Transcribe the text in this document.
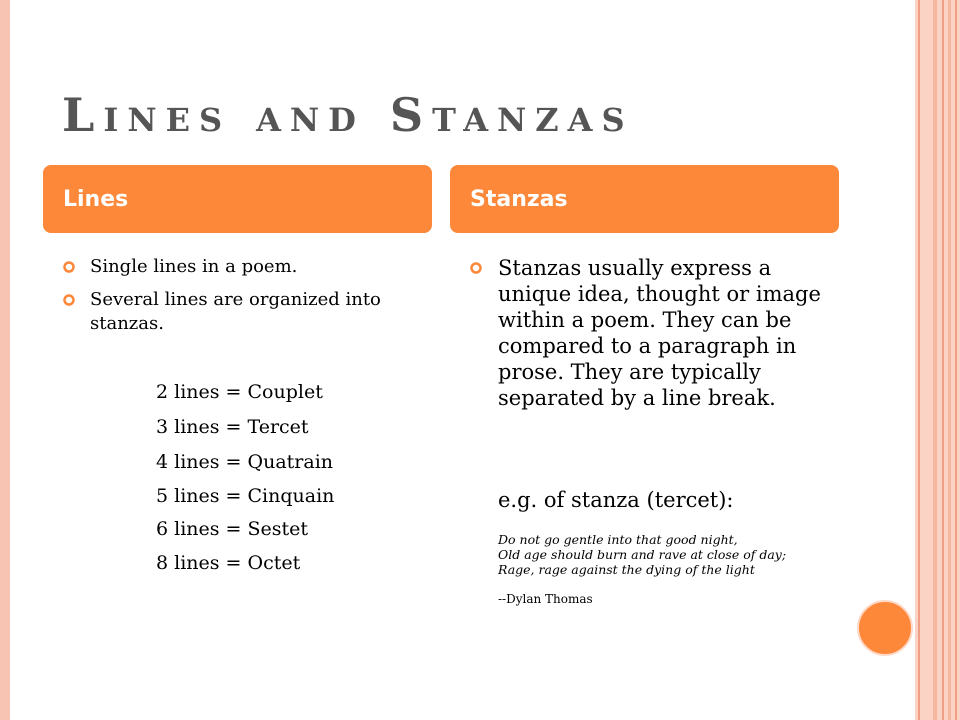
Lines and Stanzas
Lines	Stanzas
Single lines in a poem.
Several lines are organized into stanzas.
2 lines = Couplet
3 lines = Tercet
4 lines = Quatrain
5 lines = Cinquain
6 lines = Sestet
8 lines = Octet
Stanzas usually express a unique idea, thought or image within a poem. They can be compared to a paragraph in prose. They are typically separated by a line break.
e.g. of stanza (tercet):
Do not go gentle into that good night,
Old age should burn and rave at close of day;
Rage, rage against the dying of the light
--Dylan Thomas
